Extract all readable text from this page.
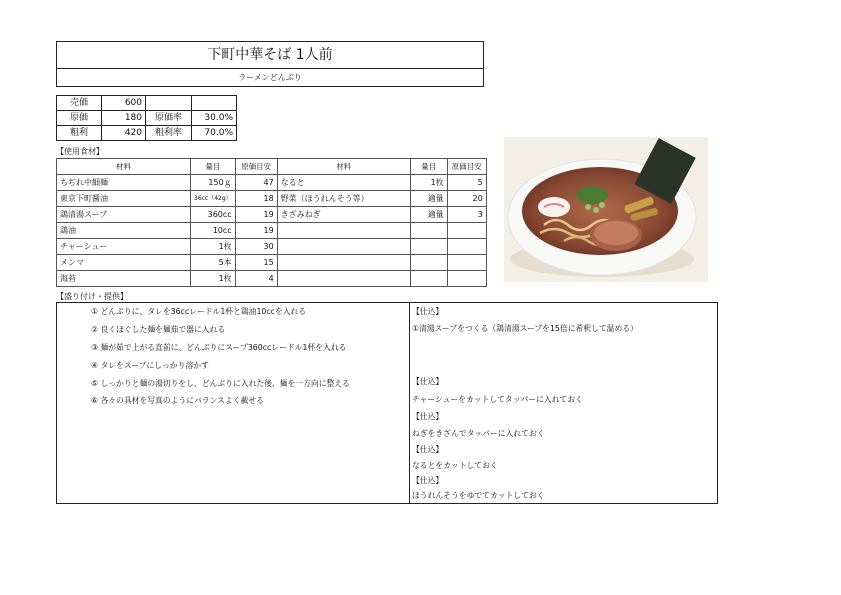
下町中華そば 1人前
ラーメンどんぶり
売価	600		
原価	180	原価率	30.0%
粗利	420	粗利率	70.0%
【使用食材】
材料	量目	原価目安	材料	量目	原価目安
ちぢれ中細麺	150ｇ	47	なると	1枚	5
東京下町醤油	36cc（42g）	18	野菜（ほうれんそう等）	適量	20
鶏清湯スープ	360cc	19	きざみねぎ	適量	3
鶏油	10cc	19			
チャーシュー	1枚	30			
メンマ	5本	15			
海苔	1枚	4			
【盛り付け・提供】
① どんぶりに、タレを36ccレードル1杯と鶏油10ccを入れる
② 良くほぐした麺を麺茹で器に入れる
③ 麺が茹で上がる直前に、どんぶりにスープ360ccレードル1杯を入れる
④ タレをスープにしっかり溶かす
⑤ しっかりと麺の湯切りをし、どんぶりに入れた後、麺を一方向に整える
⑥ 各々の具材を写真のようにバランスよく載せる
【仕込】
①清湯スープをつくる（鶏清湯スープを15倍に希釈して温める）
【仕込】
チャーシューをカットしてタッパーに入れておく
【仕込】
ねぎをきざんでタッパーに入れておく
【仕込】
なるとをカットしておく
【仕込】
ほうれんそうをゆでてカットしておく
